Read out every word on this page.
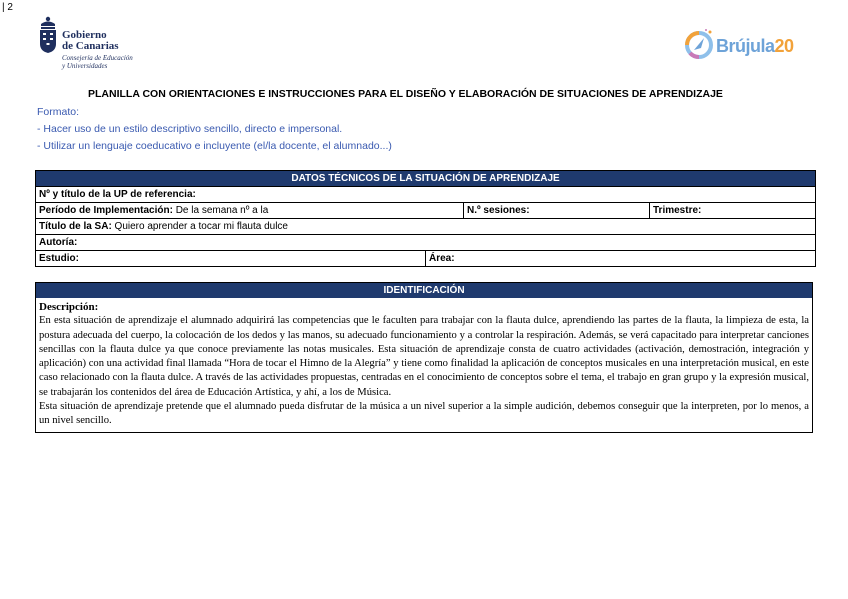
| 2
Gobierno
de Canarias
Consejería de Educación
y Universidades
Brújula20
PLANILLA CON ORIENTACIONES E INSTRUCCIONES PARA EL DISEÑO Y ELABORACIÓN DE SITUACIONES DE APRENDIZAJE
Formato:
- Hacer uso de un estilo descriptivo sencillo, directo e impersonal.
- Utilizar un lenguaje coeducativo e incluyente (el/la docente, el alumnado...)
DATOS TÉCNICOS DE LA SITUACIÓN DE APRENDIZAJE			
Nº y título de la UP de referencia:			
Período de Implementación: De la semana nº a la		N.º sesiones:	Trimestre:
Título de la SA: Quiero aprender a tocar mi flauta dulce			
Autoría:			
Estudio:	Área:		
IDENTIFICACIÓN
Descripción:
En esta situación de aprendizaje el alumnado adquirirá las competencias que le faculten para trabajar con la flauta dulce, aprendiendo las partes de la flauta, la limpieza de esta, la postura adecuada del cuerpo, la colocación de los dedos y las manos, su adecuado funcionamiento y a controlar la respiración. Además, se verá capacitado para interpretar canciones sencillas con la flauta dulce ya que conoce previamente las notas musicales. Esta situación de aprendizaje consta de cuatro actividades (activación, demostración, integración y aplicación) con una actividad final llamada “Hora de tocar el Himno de la Alegría” y tiene como finalidad la aplicación de conceptos musicales en una interpretación musical, en este caso relacionado con la flauta dulce. A través de las actividades propuestas, centradas en el conocimiento de conceptos sobre el tema, el trabajo en gran grupo y la expresión musical, se trabajarán los contenidos del área de Educación Artística, y ahí, a los de Música.
Esta situación de aprendizaje pretende que el alumnado pueda disfrutar de la música a un nivel superior a la simple audición, debemos conseguir que la interpreten, por lo menos, a un nivel sencillo.
